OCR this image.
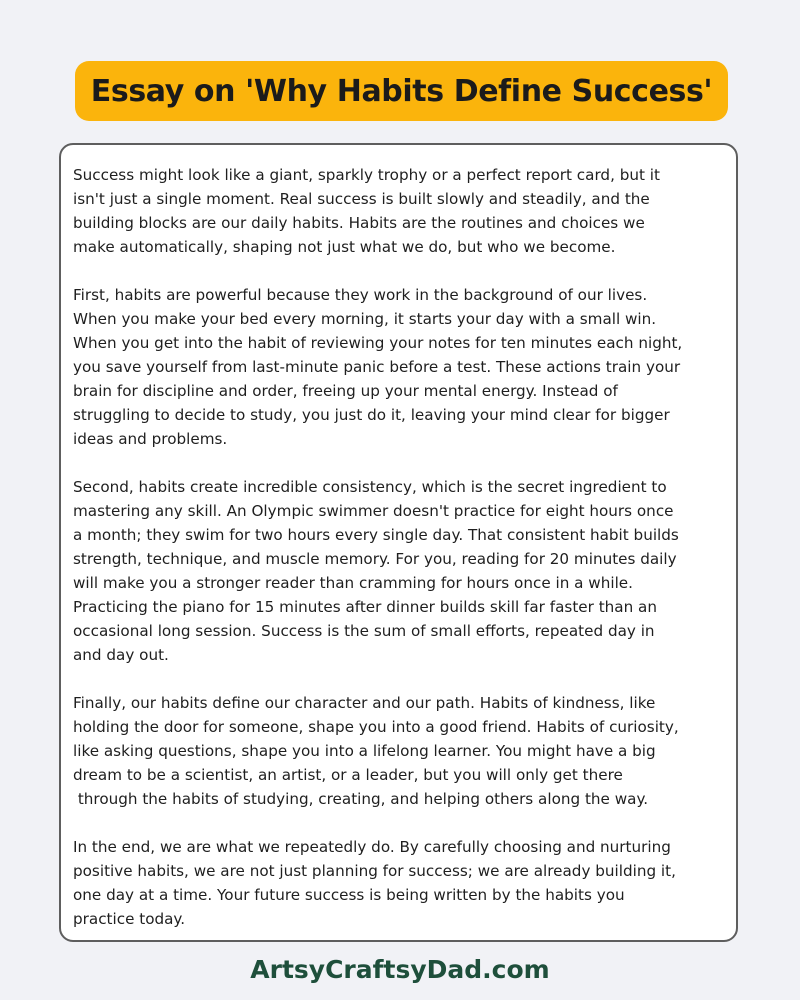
Essay on 'Why Habits Define Success'
Success might look like a giant, sparkly trophy or a perfect report card, but it
isn't just a single moment. Real success is built slowly and steadily, and the
building blocks are our daily habits. Habits are the routines and choices we
make automatically, shaping not just what we do, but who we become.
First, habits are powerful because they work in the background of our lives.
When you make your bed every morning, it starts your day with a small win.
When you get into the habit of reviewing your notes for ten minutes each night,
you save yourself from last-minute panic before a test. These actions train your
brain for discipline and order, freeing up your mental energy. Instead of
struggling to decide to study, you just do it, leaving your mind clear for bigger
ideas and problems.
Second, habits create incredible consistency, which is the secret ingredient to
mastering any skill. An Olympic swimmer doesn't practice for eight hours once
a month; they swim for two hours every single day. That consistent habit builds
strength, technique, and muscle memory. For you, reading for 20 minutes daily
will make you a stronger reader than cramming for hours once in a while.
Practicing the piano for 15 minutes after dinner builds skill far faster than an
occasional long session. Success is the sum of small efforts, repeated day in
and day out.
Finally, our habits define our character and our path. Habits of kindness, like
holding the door for someone, shape you into a good friend. Habits of curiosity,
like asking questions, shape you into a lifelong learner. You might have a big
dream to be a scientist, an artist, or a leader, but you will only get there
through the habits of studying, creating, and helping others along the way.
In the end, we are what we repeatedly do. By carefully choosing and nurturing
positive habits, we are not just planning for success; we are already building it,
one day at a time. Your future success is being written by the habits you
practice today.
ArtsyCraftsyDad.com
